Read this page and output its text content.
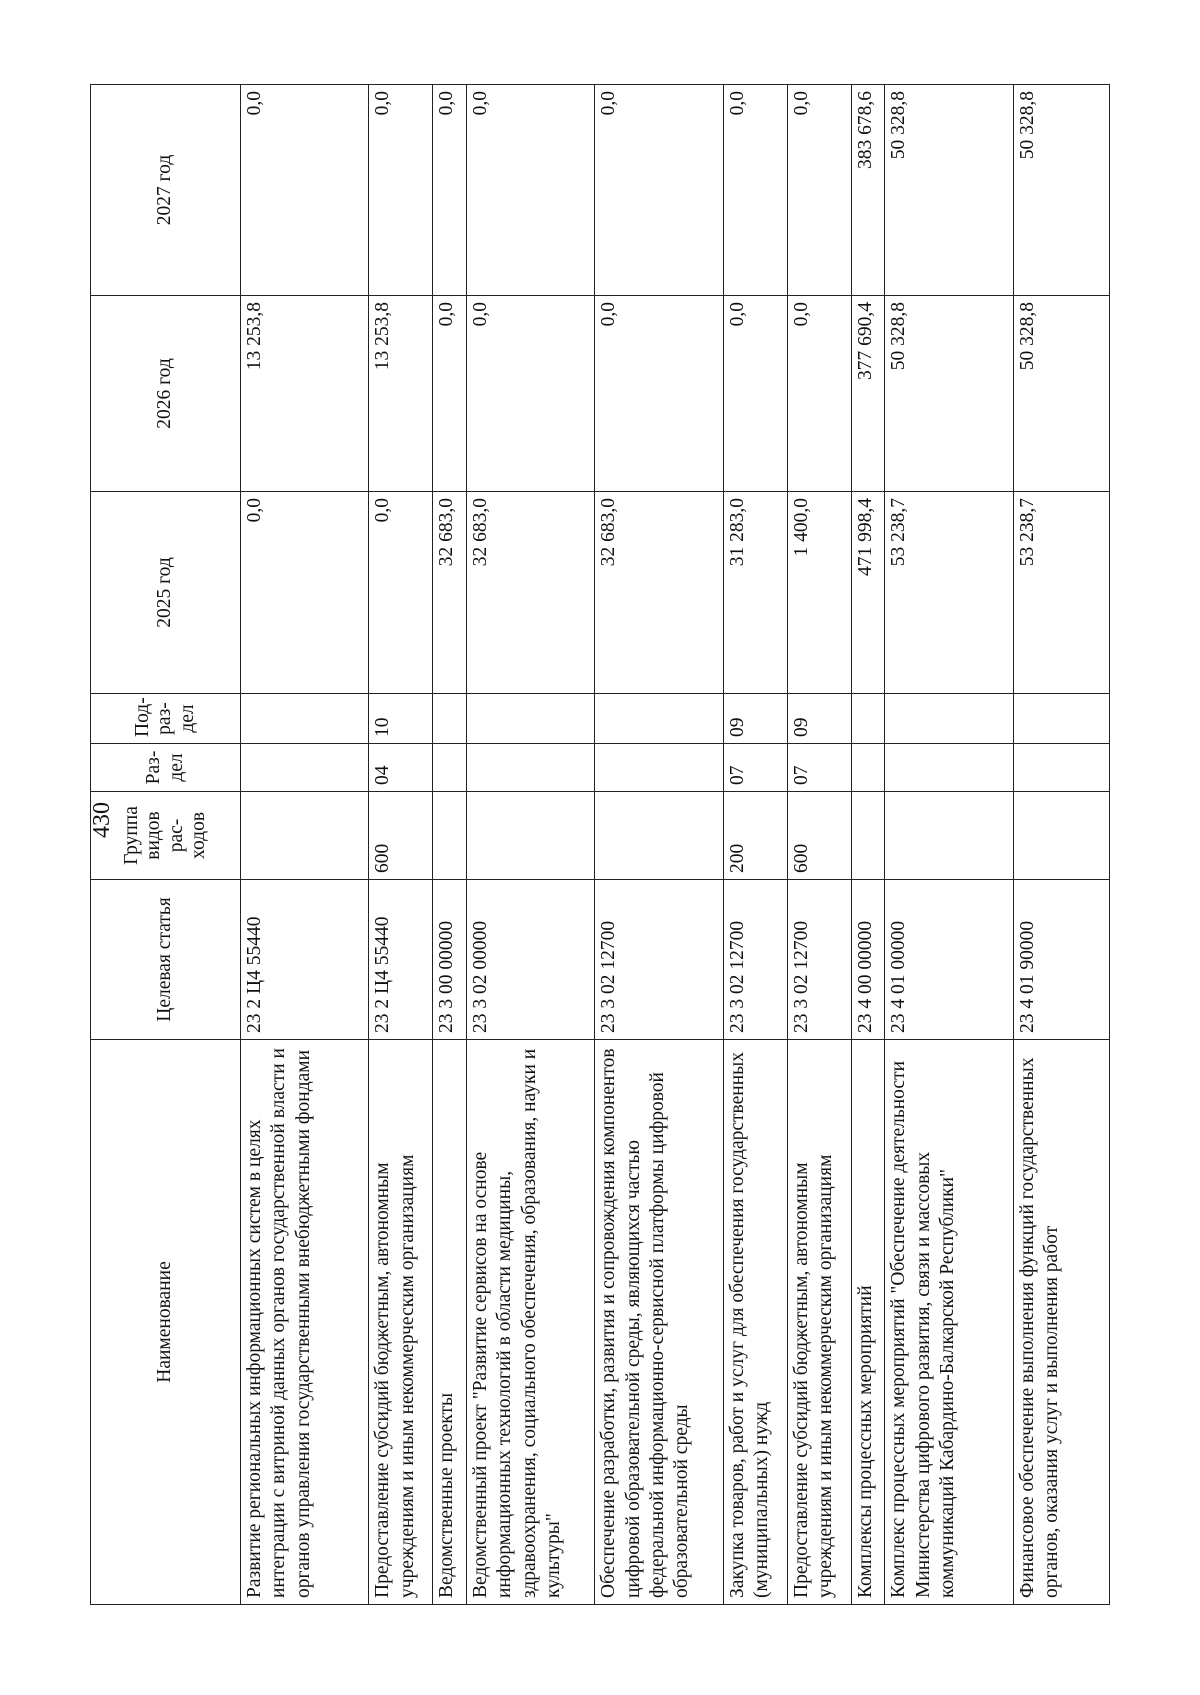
430
Наименование	Целевая статья	Группа видов рас-ходов	Раз-дел	Под-раз-дел	2025 год	2026 год	2027 год
Развитие региональных информационных систем в целях интеграции с витриной данных органов государственной власти и органов управления государственными внебюджетными фондами	23 2 Ц4 55440				0,0	13 253,8	0,0
Предоставление субсидий бюджетным, автономным учреждениям и иным некоммерческим организациям	23 2 Ц4 55440	600	04	10	0,0	13 253,8	0,0
Ведомственные проекты	23 3 00 00000				32 683,0	0,0	0,0
Ведомственный проект "Развитие сервисов на основе информационных технологий в области медицины, здравоохранения, социального обеспечения, образования, науки и культуры"	23 3 02 00000				32 683,0	0,0	0,0
Обеспечение разработки, развития и сопровождения компонентов цифровой образовательной среды, являющихся частью федеральной информационно-сервисной платформы цифровой образовательной среды	23 3 02 12700				32 683,0	0,0	0,0
Закупка товаров, работ и услуг для обеспечения государственных (муниципальных) нужд	23 3 02 12700	200	07	09	31 283,0	0,0	0,0
Предоставление субсидий бюджетным, автономным учреждениям и иным некоммерческим организациям	23 3 02 12700	600	07	09	1 400,0	0,0	0,0
Комплексы процессных мероприятий	23 4 00 00000				471 998,4	377 690,4	383 678,6
Комплекс процессных мероприятий "Обеспечение деятельности Министерства цифрового развития, связи и массовых коммуникаций Кабардино-Балкарской Республики"	23 4 01 00000				53 238,7	50 328,8	50 328,8
Финансовое обеспечение выполнения функций государственных органов, оказания услуг и выполнения работ	23 4 01 90000				53 238,7	50 328,8	50 328,8
